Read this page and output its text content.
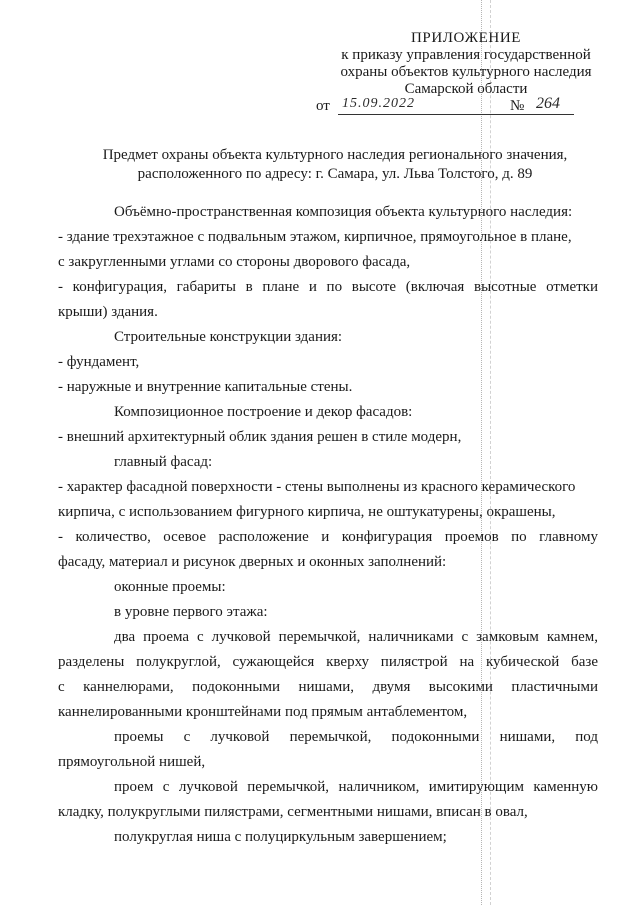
ПРИЛОЖЕНИЕ
к приказу управления государственной
охраны объектов культурного наследия
Самарской области
от 15.09.2022	№ 264
Предмет охраны объекта культурного наследия регионального значения,
расположенного по адресу: г. Самара, ул. Льва Толстого, д. 89

Объёмно-пространственная композиция объекта культурного наследия:

- здание трехэтажное с подвальным этажом, кирпичное, прямоугольное в плане,

с закругленными углами со стороны дворового фасада,

- конфигурация, габариты в плане и по высоте (включая высотные отметки

крыши) здания.

Строительные конструкции здания:

- фундамент,

- наружные и внутренние капитальные стены.

Композиционное построение и декор фасадов:

- внешний архитектурный облик здания решен в стиле модерн,

главный фасад:

- характер фасадной поверхности - стены выполнены из красного керамического

кирпича, с использованием фигурного кирпича, не оштукатурены, окрашены,

- количество, осевое расположение и конфигурация проемов по главному

фасаду, материал и рисунок дверных и оконных заполнений:

оконные проемы:

в уровне первого этажа:

два проема с лучковой перемычкой, наличниками с замковым камнем,

разделены полукруглой, сужающейся кверху пилястрой на кубической базе

с каннелюрами, подоконными нишами, двумя высокими пластичными

каннелированными кронштейнами под прямым антаблементом,

проемы с лучковой перемычкой, подоконными нишами, под

прямоугольной нишей,

проем с лучковой перемычкой, наличником, имитирующим каменную

кладку, полукруглыми пилястрами, сегментными нишами, вписан в овал,

полукруглая ниша с полуциркульным завершением;
